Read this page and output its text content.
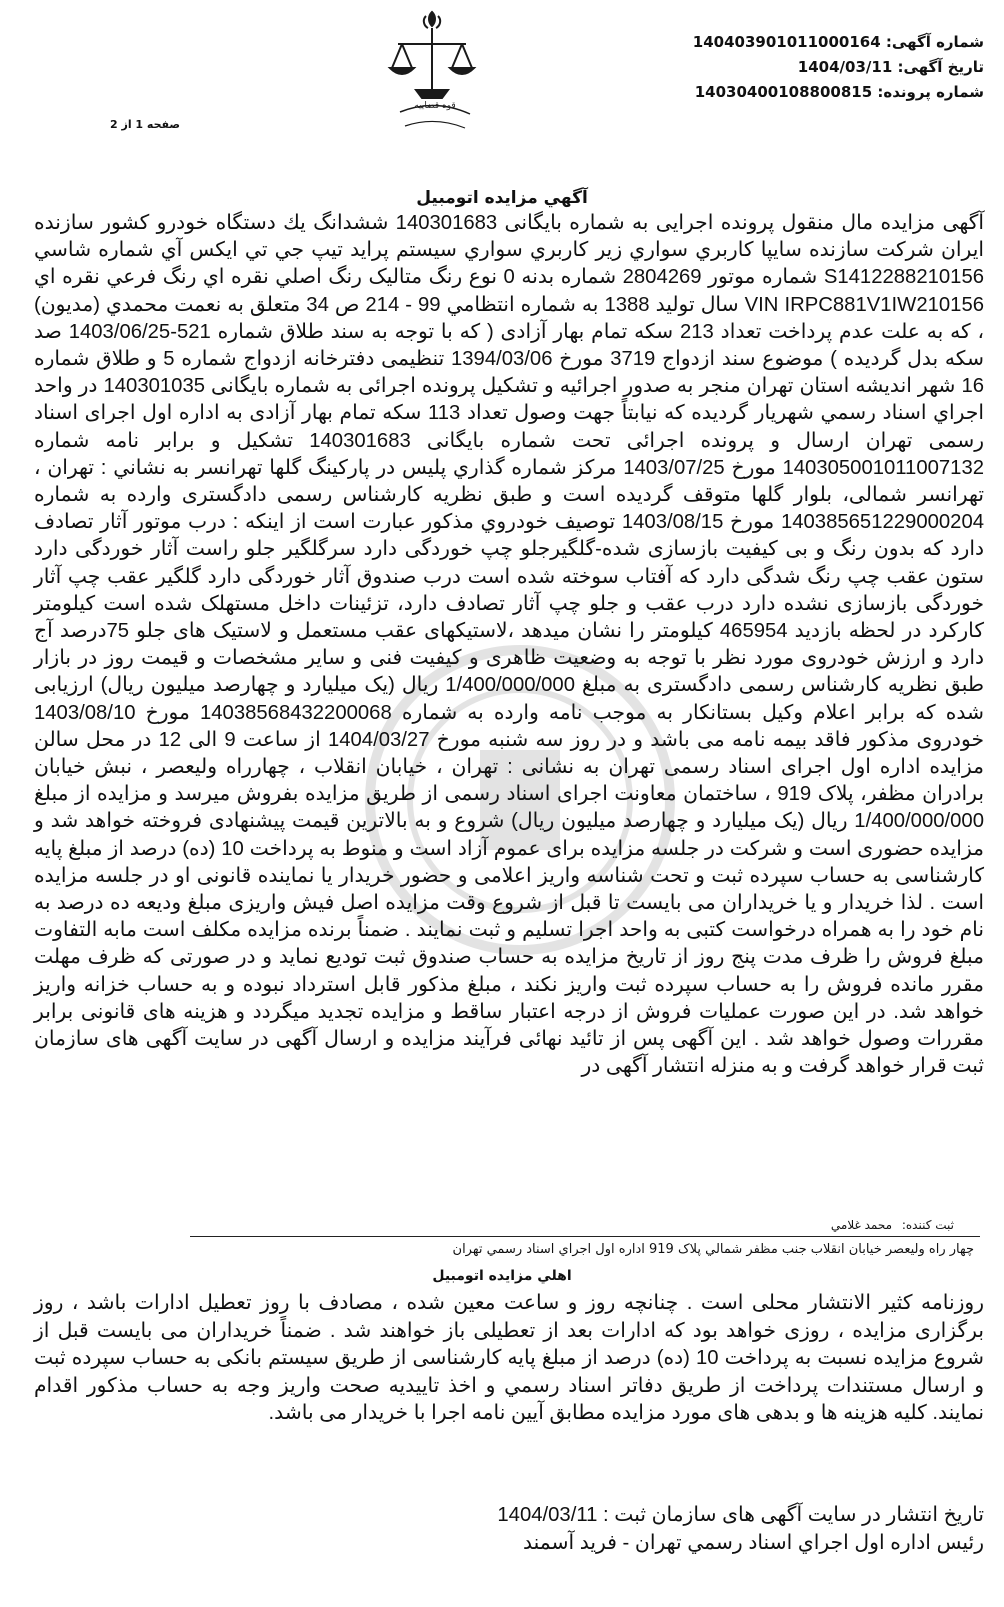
قوه قضاییه
شماره آگهی: 140403901011000164
تاریخ آگهی: 1404/03/11
شماره پرونده: 14030400108800815
صفحه 1 از 2
آگهي مزايده اتومبيل

آگهی مزایده مال منقول پرونده اجرایی به شماره بایگانی 140301683 ششدانگ يك دستگاه خودرو کشور سازنده ايران شرکت سازنده سايپا کاربري سواري زير کاربري سواري سيستم پرايد تيپ جي تي ايکس آي شماره شاسي S1412288210156 شماره موتور 2804269 شماره بدنه 0 نوع رنگ متاليک رنگ اصلي نقره اي رنگ فرعي نقره اي VIN IRPC881V1IW210156 سال توليد 1388 به شماره انتظامي 99 - 214 ص 34 متعلق به نعمت محمدي (مديون) ، که به علت عدم پرداخت تعداد 213 سکه تمام بهار آزادی ( كه با توجه به سند طلاق شماره 521-1403/06/25 صد سكه بدل گرديده ) موضوع سند ازدواج 3719 مورخ 1394/03/06 تنظیمی دفترخانه ازدواج شماره 5 و طلاق شماره 16 شهر اندیشه استان تهران منجر به صدور اجرائیه و تشکیل پرونده اجرائی به شماره بایگانی 140301035 در واحد اجراي اسناد رسمي شهريار گرديده كه نيابتاً جهت وصول تعداد 113 سكه تمام بهار آزادی به اداره اول اجرای اسناد رسمی تهران ارسال و پرونده اجرائی تحت شماره بایگانی 140301683 تشکیل و برابر نامه شماره 140305001011007132 مورخ 1403/07/25 مرکز شماره گذاري پليس در پارکينگ گلها تهرانسر به نشاني : تهران ، تهرانسر شمالی، بلوار گلها متوقف گرديده است و طبق نظریه کارشناس رسمی دادگستری وارده به شماره 140385651229000204 مورخ 1403/08/15 توصیف خودروي مذکور عبارت است از اینکه : درب موتور آثار تصادف دارد که بدون رنگ و بی کیفیت بازسازی شده-گلگیرجلو چپ خوردگی دارد سرگلگیر جلو راست آثار خوردگی دارد ستون عقب چپ رنگ شدگی دارد که آفتاب سوخته شده است درب صندوق آثار خوردگی دارد گلگیر عقب چپ آثار خوردگی بازسازی نشده دارد درب عقب و جلو چپ آثار تصادف دارد، تزئینات داخل مستهلک شده است کیلومتر کارکرد در لحظه بازدید 465954 کیلومتر را نشان میدهد ،لاستیکهای عقب مستعمل و لاستیک های جلو 75درصد آج دارد و ارزش خودروی مورد نظر با توجه به وضعیت ظاهری و کیفیت فنی و سایر مشخصات و قیمت روز در بازار طبق نظریه کارشناس رسمی دادگستری به مبلغ 1/400/000/000 ریال (یک میلیارد و چهارصد میلیون ریال) ارزیابی شده که برابر اعلام وکیل بستانکار به موجب نامه وارده به شماره 14038568432200068 مورخ 1403/08/10 خودروی مذکور فاقد بیمه نامه می باشد و در روز سه شنبه مورخ 1404/03/27 از ساعت 9 الی 12 در محل سالن مزایده اداره اول اجرای اسناد رسمی تهران به نشانی : تهران ، خیابان انقلاب ، چهارراه ولیعصر ، نبش خیابان برادران مظفر، پلاک 919 ، ساختمان معاونت اجرای اسناد رسمی از طریق مزایده بفروش میرسد و مزایده از مبلغ 1/400/000/000 ریال (یک میلیارد و چهارصد میلیون ریال) شروع و به بالاترین قیمت پیشنهادی فروخته خواهد شد و مزایده حضوری است و شرکت در جلسه مزایده برای عموم آزاد است و منوط به پرداخت 10 (ده) درصد از مبلغ پایه کارشناسی به حساب سپرده ثبت و تحت شناسه واریز اعلامی و حضور خریدار یا نماینده قانونی او در جلسه مزایده است . لذا خریدار و یا خریداران می بایست تا قبل از شروع وقت مزایده اصل فیش واریزی مبلغ ودیعه ده درصد به نام خود را به همراه درخواست کتبی به واحد اجرا تسلیم و ثبت نمایند . ضمناً برنده مزایده مکلف است مابه التفاوت مبلغ فروش را ظرف مدت پنج روز از تاریخ مزایده به حساب صندوق ثبت تودیع نماید و در صورتی که ظرف مهلت مقرر مانده فروش را به حساب سپرده ثبت واریز نکند ، مبلغ مذکور قابل استرداد نبوده و به حساب خزانه واریز خواهد شد. در این صورت عملیات فروش از درجه اعتبار ساقط و مزایده تجدید میگردد و هزینه های قانونی برابر مقررات وصول خواهد شد . این آگهی پس از تائید نهائی فرآیند مزایده و ارسال آگهی در سایت آگهی های سازمان ثبت قرار خواهد گرفت و به منزله انتشار آگهی در

ثبت کننده: محمد غلامي
چهار راه وليعصر خيابان انقلاب جنب مظفر شمالي پلاک 919 اداره اول اجراي اسناد رسمي تهران
اهلي مزايده اتومبيل

روزنامه کثیر الانتشار محلی است . چنانچه روز و ساعت معین شده ، مصادف با روز تعطیل ادارات باشد ، روز برگزاری مزایده ، روزی خواهد بود که ادارات بعد از تعطیلی باز خواهند شد . ضمناً خریداران می بایست قبل از شروع مزایده نسبت به پرداخت 10 (ده) درصد از مبلغ پایه کارشناسی از طریق سیستم بانکی به حساب سپرده ثبت و ارسال مستندات پرداخت از طریق دفاتر اسناد رسمي و اخذ تاييديه صحت واريز وجه به حساب مذكور اقدام نمايند. کلیه هزینه ها و بدهی های مورد مزایده مطابق آیین نامه اجرا با خریدار می باشد.

تاریخ انتشار در سایت آگهی های سازمان ثبت : 1404/03/11
رئيس اداره اول اجراي اسناد رسمي تهران - فريد آسمند
